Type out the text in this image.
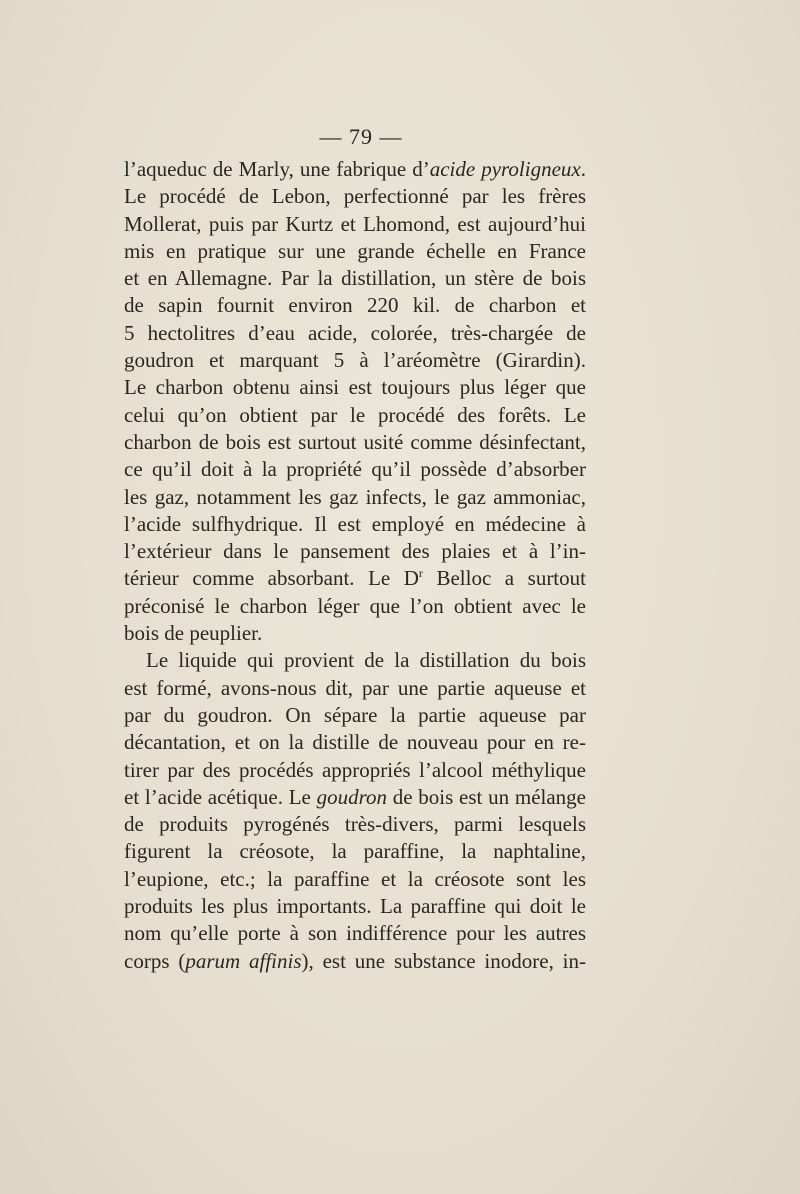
— 79 —
l’aqueduc de Marly, une fabrique d’acide pyroligneux.
Le procédé de Lebon, perfectionné par les frères
Mollerat, puis par Kurtz et Lhomond, est aujourd’hui
mis en pratique sur une grande échelle en France
et en Allemagne. Par la distillation, un stère de bois
de sapin fournit environ 220 kil. de charbon et
5 hectolitres d’eau acide, colorée, très-chargée de
goudron et marquant 5 à l’aréomètre (Girardin).
Le charbon obtenu ainsi est toujours plus léger que
celui qu’on obtient par le procédé des forêts. Le
charbon de bois est surtout usité comme désinfectant,
ce qu’il doit à la propriété qu’il possède d’absorber
les gaz, notamment les gaz infects, le gaz ammoniac,
l’acide sulfhydrique. Il est employé en médecine à
l’extérieur dans le pansement des plaies et à l’in-
térieur comme absorbant. Le $D^r$ Belloc a surtout
préconisé le charbon léger que l’on obtient avec le
bois de peuplier.
Le liquide qui provient de la distillation du bois
est formé, avons-nous dit, par une partie aqueuse et
par du goudron. On sépare la partie aqueuse par
décantation, et on la distille de nouveau pour en re-
tirer par des procédés appropriés l’alcool méthylique
et l’acide acétique. Le goudron de bois est un mélange
de produits pyrogénés très-divers, parmi lesquels
figurent la créosote, la paraffine, la naphtaline,
l’eupione, etc.; la paraffine et la créosote sont les
produits les plus importants. La paraffine qui doit le
nom qu’elle porte à son indifférence pour les autres
corps (parum affinis), est une substance inodore, in-
